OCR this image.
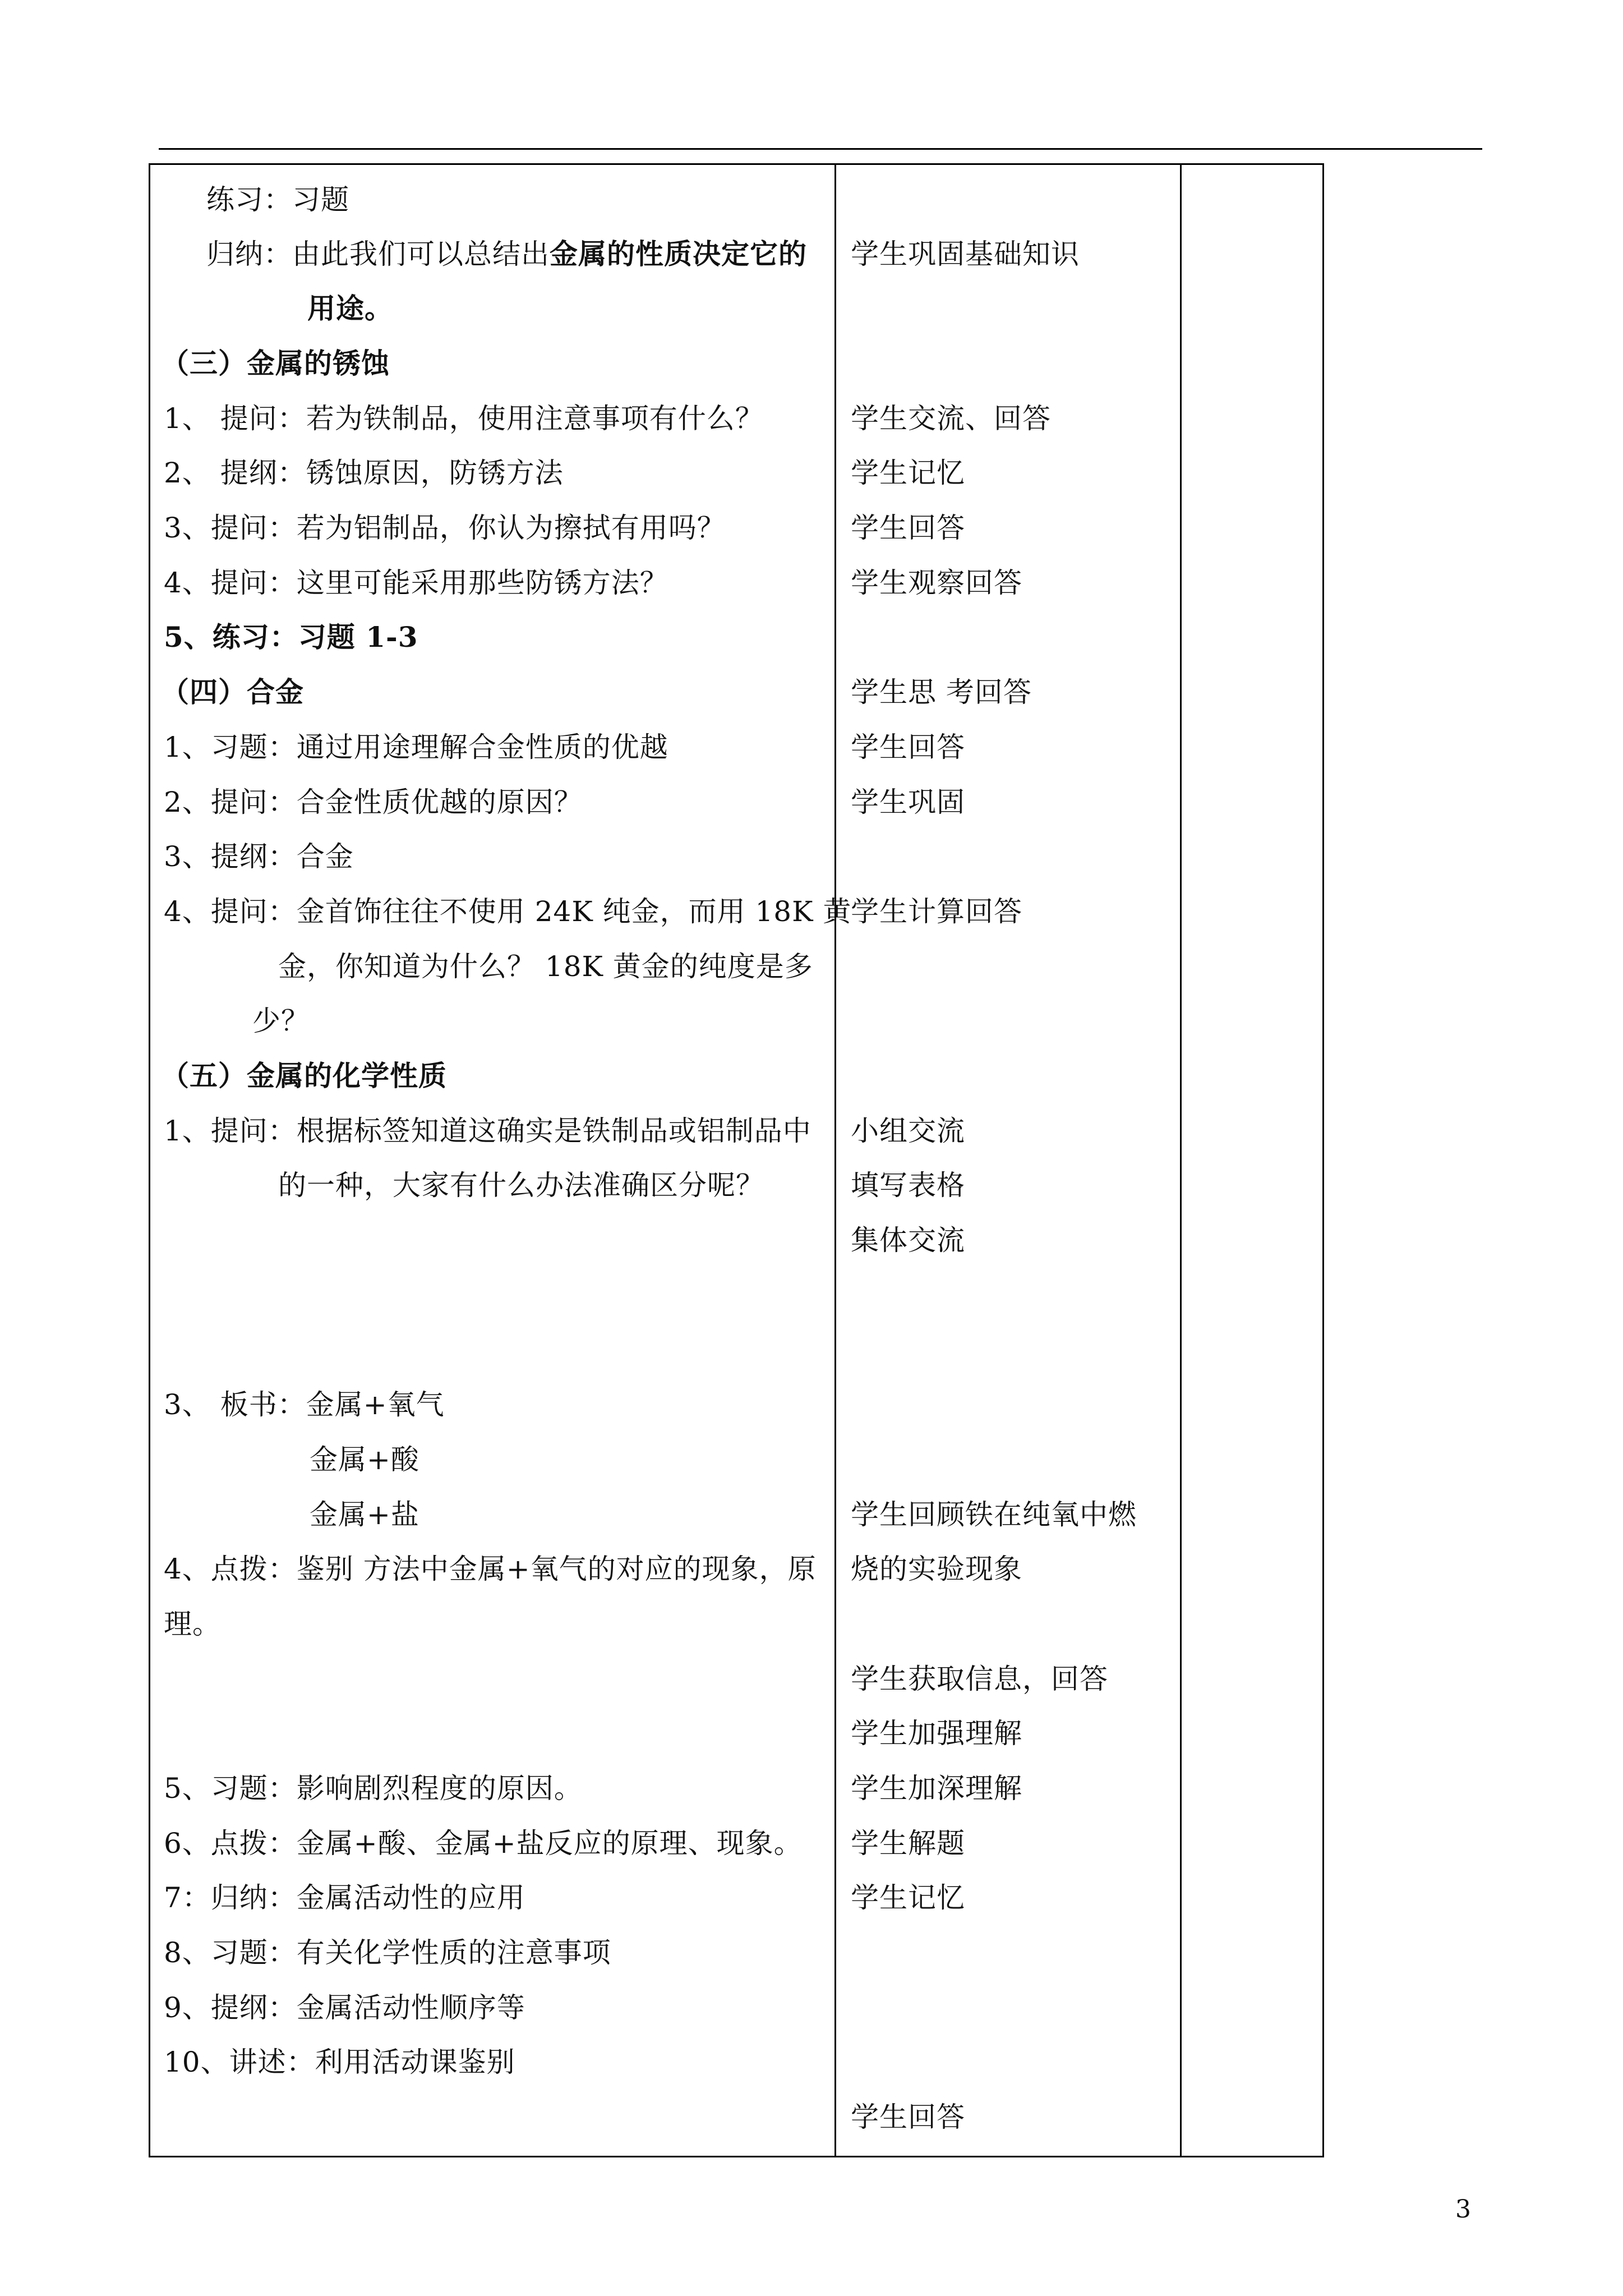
练习：习题
归纳：由此我们可以总结出金属的性质决定它的
用途。
（三）金属的锈蚀
1、 提问：若为铁制品，使用注意事项有什么？
2、 提纲：锈蚀原因，防锈方法
3、提问：若为铝制品，你认为擦拭有用吗？
4、提问：这里可能采用那些防锈方法？
5、练习：习题 1-3
（四）合金
1、习题：通过用途理解合金性质的优越
2、提问：合金性质优越的原因？
3、提纲：合金
4、提问：金首饰往往不使用 24K 纯金，而用 18K 黄
金，你知道为什么？ 18K 黄金的纯度是多
少？
（五）金属的化学性质
1、提问：根据标签知道这确实是铁制品或铝制品中
的一种，大家有什么办法准确区分呢？
3、 板书：金属+氧气
金属+酸
金属+盐
4、点拨：鉴别 方法中金属+氧气的对应的现象，原
理。
5、习题：影响剧烈程度的原因。
6、点拨：金属+酸、金属+盐反应的原理、现象。
7：归纳：金属活动性的应用
8、习题：有关化学性质的注意事项
9、提纲：金属活动性顺序等
10、讲述：利用活动课鉴别
学生巩固基础知识
学生交流、回答
学生记忆
学生回答
学生观察回答
学生思 考回答
学生回答
学生巩固
学生计算回答
小组交流
填写表格
集体交流
学生回顾铁在纯氧中燃
烧的实验现象
学生获取信息，回答
学生加强理解
学生加深理解
学生解题
学生记忆
学生回答
3
